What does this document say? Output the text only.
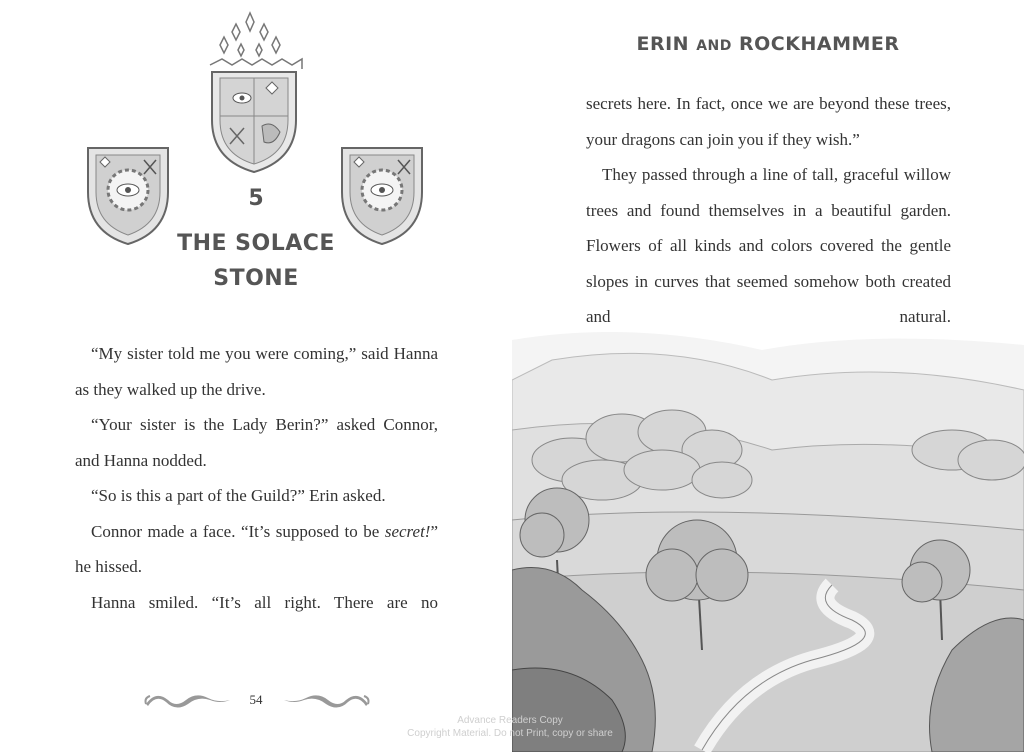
5
THE SOLACE
STONE

“My sister told me you were coming,” said Hanna as they walked up the drive.

“Your sister is the Lady Berin?” asked Connor, and Hanna nodded.

“So is this a part of the Guild?” Erin asked.

Connor made a face. “It’s supposed to be secret!” he hissed.

Hanna smiled. “It’s all right. There are no

54
ERIN AND ROCKHAMMER

secrets here. In fact, once we are beyond these trees, your dragons can join you if they wish.”

They passed through a line of tall, graceful willow trees and found themselves in a beautiful garden. Flowers of all kinds and colors covered the gentle slopes in curves that seemed somehow both created and natural.

Advance Readers Copy
Copyright Material. Do not Print, copy or share
